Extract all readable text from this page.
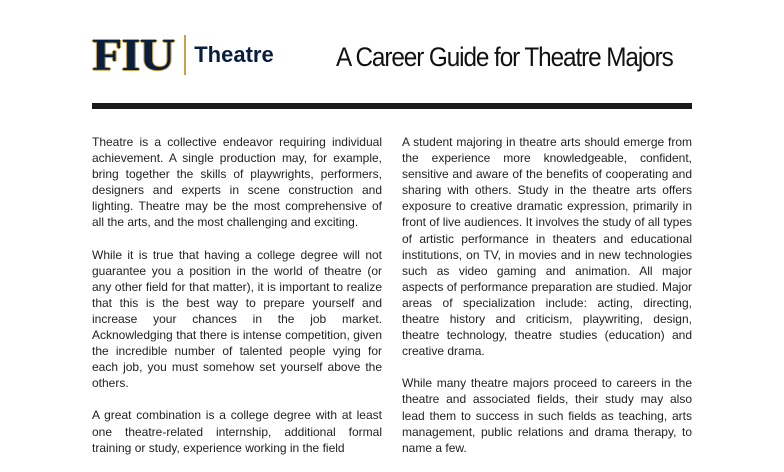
FIU Theatre A Career Guide for Theatre Majors

Theatre is a collective endeavor requiring individual achievement. A single production may, for example, bring together the skills of playwrights, performers, designers and experts in scene construction and lighting. Theatre may be the most comprehensive of all the arts, and the most challenging and exciting.

While it is true that having a college degree will not guarantee you a position in the world of theatre (or any other field for that matter), it is important to realize that this is the best way to prepare yourself and increase your chances in the job market. Acknowledging that there is intense competition, given the incredible number of talented people vying for each job, you must somehow set yourself above the others.

A great combination is a college degree with at least one theatre-related internship, additional formal training or study, experience working in the field

A student majoring in theatre arts should emerge from the experience more knowledgeable, confident, sensitive and aware of the benefits of cooperating and sharing with others. Study in the theatre arts offers exposure to creative dramatic expression, primarily in front of live audiences. It involves the study of all types of artistic performance in theaters and educational institutions, on TV, in movies and in new technologies such as video gaming and animation. All major aspects of performance preparation are studied. Major areas of specialization include: acting, directing, theatre history and criticism, playwriting, design, theatre technology, theatre studies (education) and creative drama.

While many theatre majors proceed to careers in the theatre and associated fields, their study may also lead them to success in such fields as teaching, arts management, public relations and drama therapy, to name a few.
